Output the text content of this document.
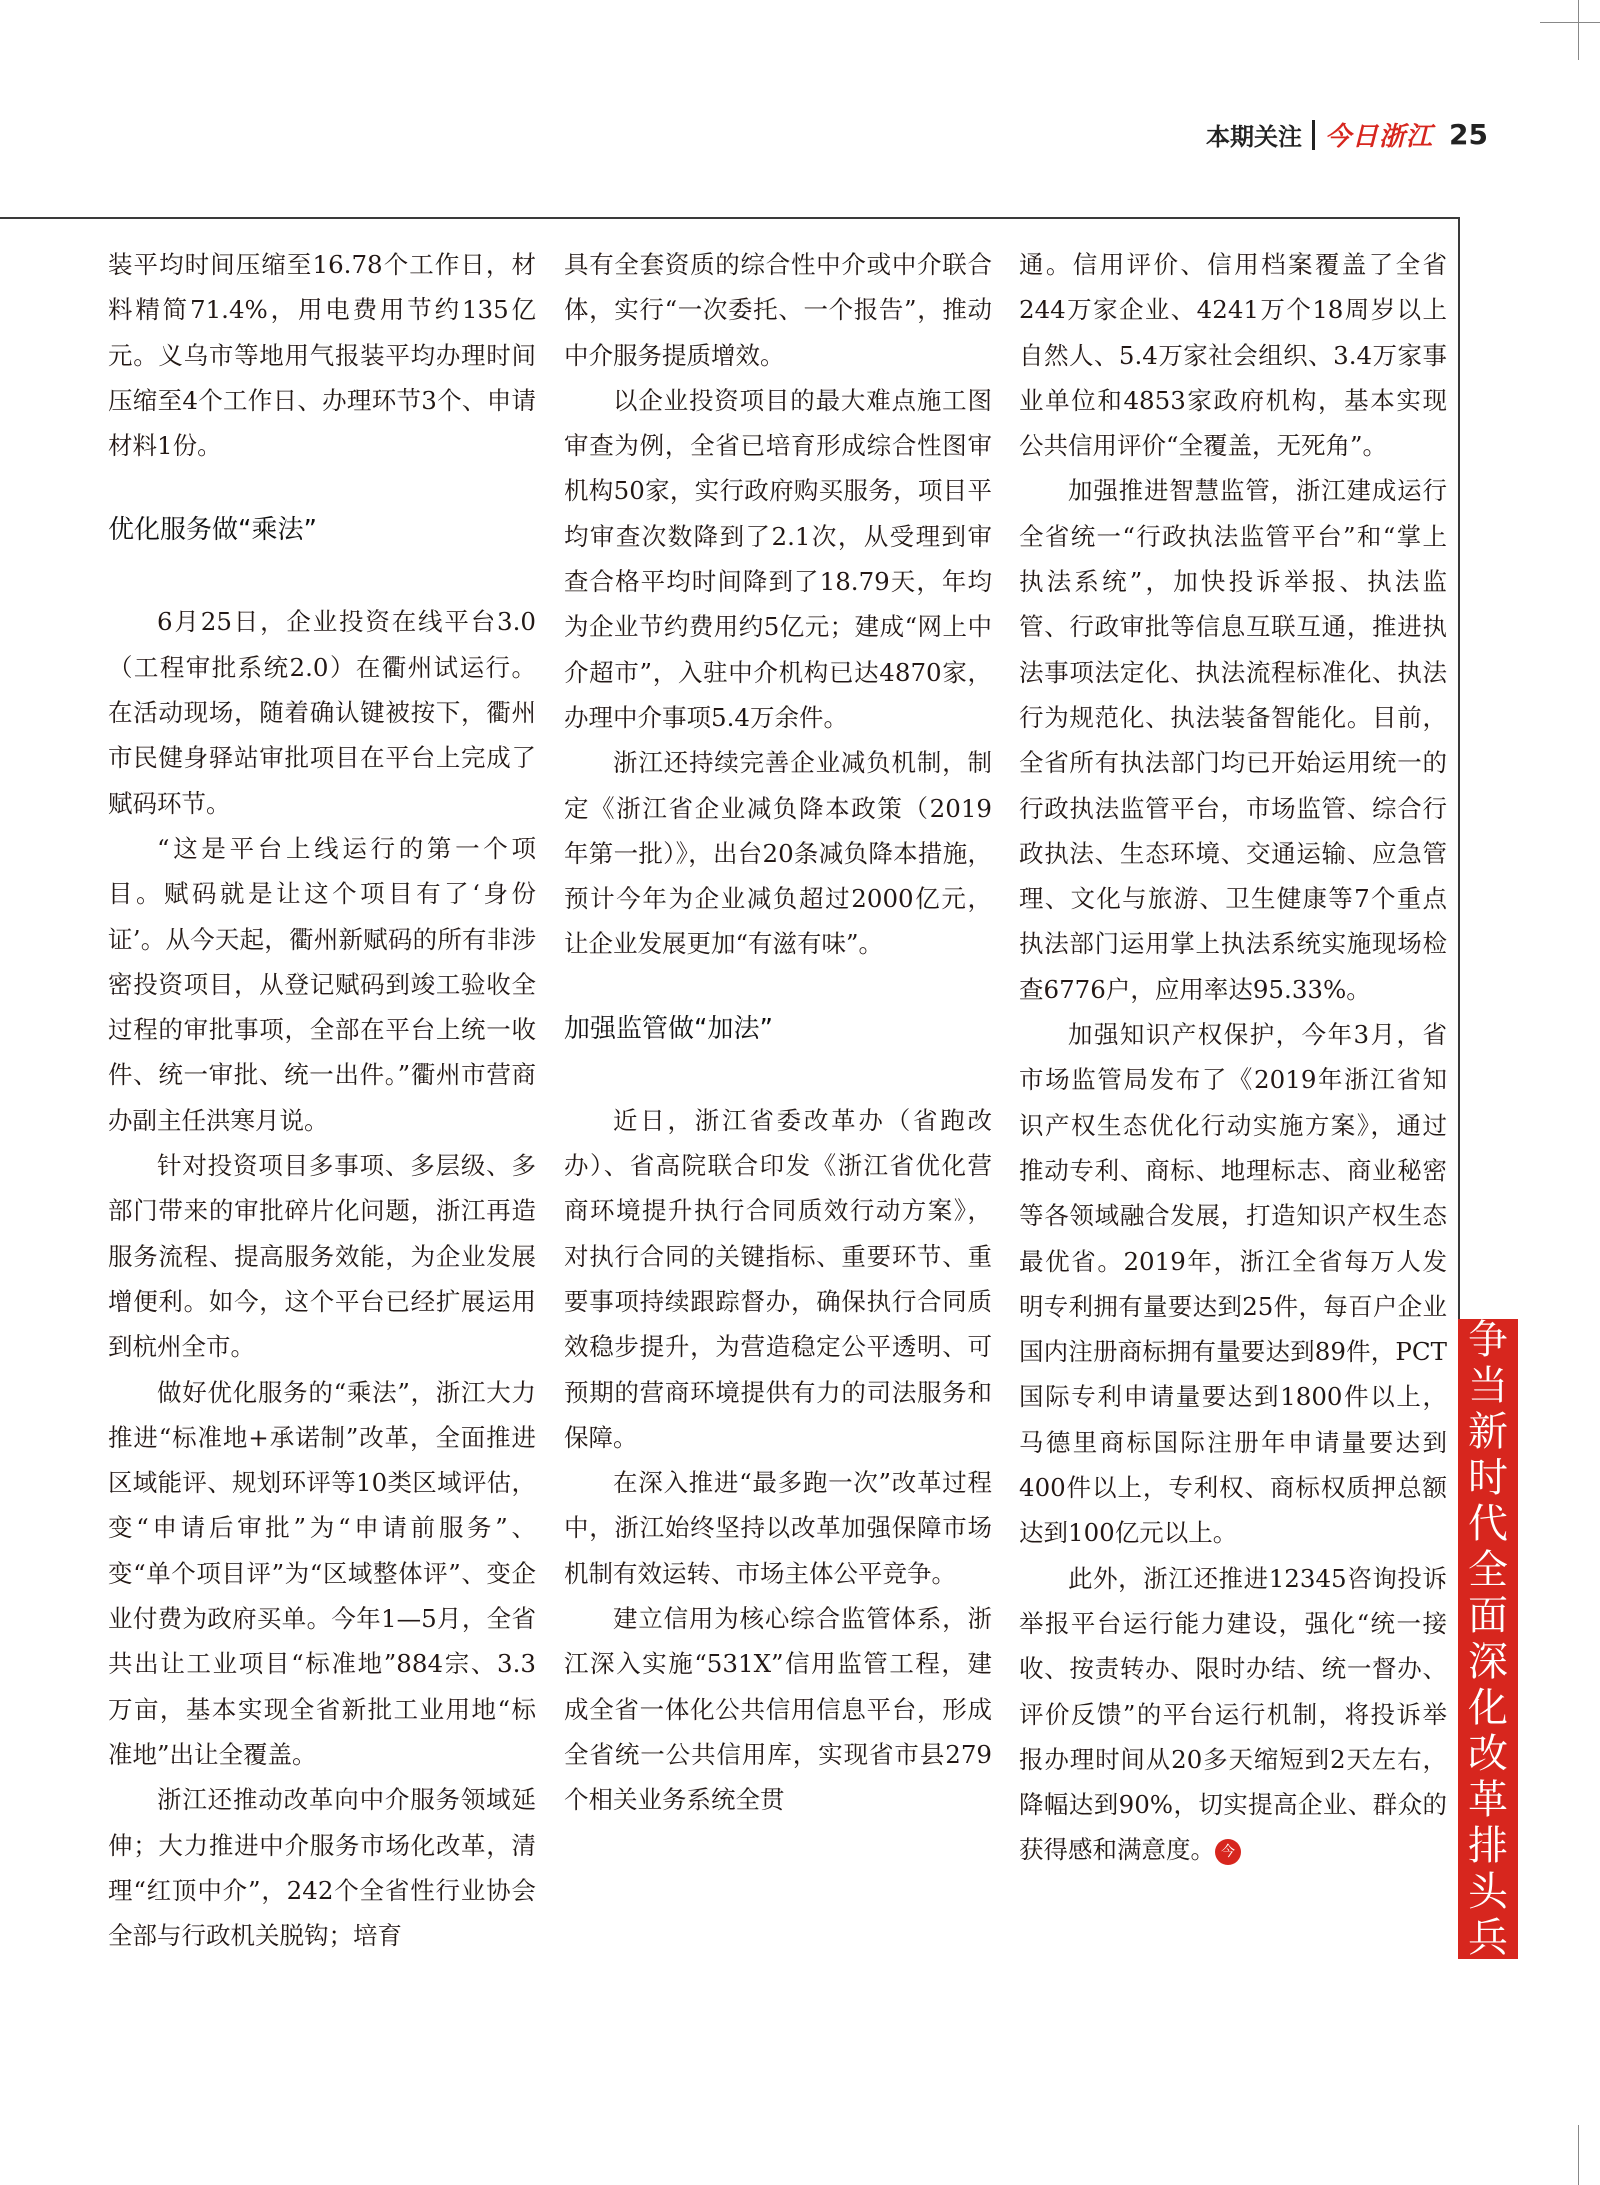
本期关注 今日浙江 25

装平均时间压缩至16.78个工作日，材料精简71.4%，用电费用节约135亿元。义乌市等地用气报装平均办理时间压缩至4个工作日、办理环节3个、申请材料1份。

优化服务做“乘法”

6月25日，企业投资在线平台3.0（工程审批系统2.0）在衢州试运行。在活动现场，随着确认键被按下，衢州市民健身驿站审批项目在平台上完成了赋码环节。

“这是平台上线运行的第一个项目。赋码就是让这个项目有了‘身份证’。从今天起，衢州新赋码的所有非涉密投资项目，从登记赋码到竣工验收全过程的审批事项，全部在平台上统一收件、统一审批、统一出件。”衢州市营商办副主任洪寒月说。

针对投资项目多事项、多层级、多部门带来的审批碎片化问题，浙江再造服务流程、提高服务效能，为企业发展增便利。如今，这个平台已经扩展运用到杭州全市。

做好优化服务的“乘法”，浙江大力推进“标准地+承诺制”改革，全面推进区域能评、规划环评等10类区域评估，变“申请后审批”为“申请前服务”、变“单个项目评”为“区域整体评”、变企业付费为政府买单。今年1—5月，全省共出让工业项目“标准地”884宗、3.3万亩，基本实现全省新批工业用地“标准地”出让全覆盖。

浙江还推动改革向中介服务领域延伸；大力推进中介服务市场化改革，清理“红顶中介”，242个全省性行业协会全部与行政机关脱钩；培育

具有全套资质的综合性中介或中介联合体，实行“一次委托、一个报告”，推动中介服务提质增效。

以企业投资项目的最大难点施工图审查为例，全省已培育形成综合性图审机构50家，实行政府购买服务，项目平均审查次数降到了2.1次，从受理到审查合格平均时间降到了18.79天，年均为企业节约费用约5亿元；建成“网上中介超市”，入驻中介机构已达4870家，办理中介事项5.4万余件。

浙江还持续完善企业减负机制，制定《浙江省企业减负降本政策（2019年第一批）》，出台20条减负降本措施，预计今年为企业减负超过2000亿元，让企业发展更加“有滋有味”。

加强监管做“加法”

近日，浙江省委改革办（省跑改办）、省高院联合印发《浙江省优化营商环境提升执行合同质效行动方案》，对执行合同的关键指标、重要环节、重要事项持续跟踪督办，确保执行合同质效稳步提升，为营造稳定公平透明、可预期的营商环境提供有力的司法服务和保障。

在深入推进“最多跑一次”改革过程中，浙江始终坚持以改革加强保障市场机制有效运转、市场主体公平竞争。

建立信用为核心综合监管体系，浙江深入实施“531X”信用监管工程，建成全省一体化公共信用信息平台，形成全省统一公共信用库，实现省市县279个相关业务系统全贯

通。信用评价、信用档案覆盖了全省244万家企业、4241万个18周岁以上自然人、5.4万家社会组织、3.4万家事业单位和4853家政府机构，基本实现公共信用评价“全覆盖，无死角”。

加强推进智慧监管，浙江建成运行全省统一“行政执法监管平台”和“掌上执法系统”，加快投诉举报、执法监管、行政审批等信息互联互通，推进执法事项法定化、执法流程标准化、执法行为规范化、执法装备智能化。目前，全省所有执法部门均已开始运用统一的行政执法监管平台，市场监管、综合行政执法、生态环境、交通运输、应急管理、文化与旅游、卫生健康等7个重点执法部门运用掌上执法系统实施现场检查6776户，应用率达95.33%。

加强知识产权保护，今年3月，省市场监管局发布了《2019年浙江省知识产权生态优化行动实施方案》，通过推动专利、商标、地理标志、商业秘密等各领域融合发展，打造知识产权生态最优省。2019年，浙江全省每万人发明专利拥有量要达到25件，每百户企业国内注册商标拥有量要达到89件，PCT国际专利申请量要达到1800件以上，马德里商标国际注册年申请量要达到400件以上，专利权、商标权质押总额达到100亿元以上。

此外，浙江还推进12345咨询投诉举报平台运行能力建设，强化“统一接收、按责转办、限时办结、统一督办、评价反馈”的平台运行机制，将投诉举报办理时间从20多天缩短到2天左右，降幅达到90%，切实提高企业、群众的获得感和满意度。 今

争当新时代全面深化改革排头兵
